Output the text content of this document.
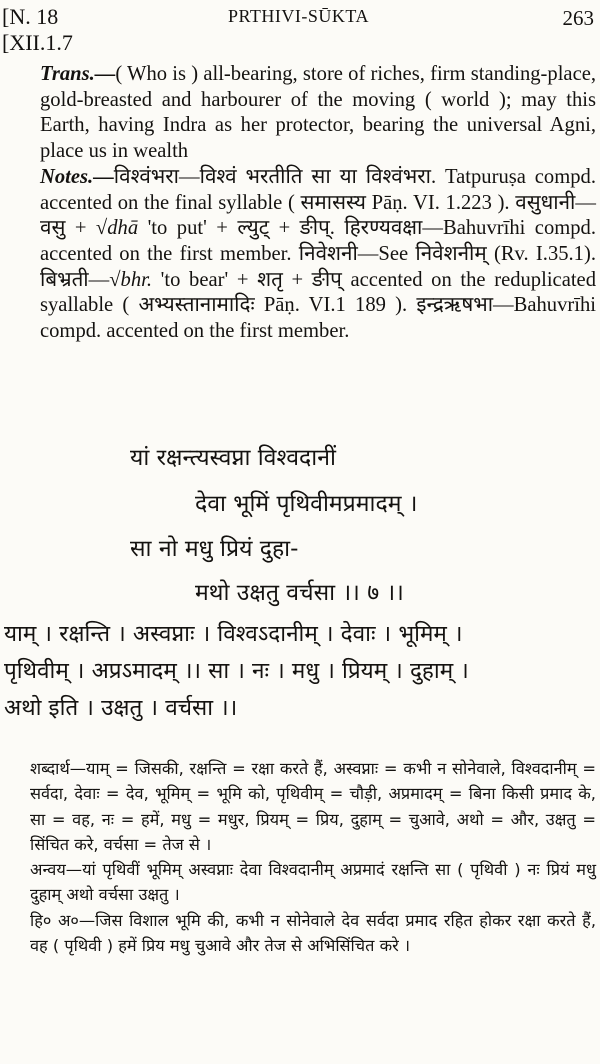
[N. 18
[XII.1.7
PRTHIVI-SŪKTA	263

Trans.—( Who is ) all-bearing, store of riches, firm standing-place, gold-breasted and harbourer of the moving ( world ); may this Earth, having Indra as her protector, bearing the universal Agni, place us in wealth

Notes.—विश्वंभरा—विश्वं भरतीति सा या विश्वंभरा. Tatpuruṣa compd. accented on the final syllable ( समासस्य Pāṇ. VI. 1.223 ). वसुधानी—वसु + √dhā 'to put' + ल्युट् + ङीप्. हिरण्यवक्षा—Bahuvrīhi compd. accented on the first member. निवेशनी—See निवेशनीम् (Rv. I.35.1). बिभ्रती—√bhr. 'to bear' + शतृ + ङीप् accented on the reduplicated syallable ( अभ्यस्तानामादिः Pāṇ. VI.1 189 ). इन्द्रऋषभा—Bahuvrīhi compd. accented on the first member.

यां रक्षन्त्यस्वप्ना विश्वदानीं
देवा भूमिं पृथिवीमप्रमादम् ।
सा नो मधु प्रियं दुहा-
मथो उक्षतु वर्चसा ।। ७ ।।
याम् । रक्षन्ति । अस्वप्नाः । विश्वऽदानीम् । देवाः । भूमिम् ।
पृथिवीम् । अप्रऽमादम् ।। सा । नः । मधु । प्रियम् । दुहाम् ।
अथो इति । उक्षतु । वर्चसा ।।

शब्दार्थ—याम् = जिसकी, रक्षन्ति = रक्षा करते हैं, अस्वप्नाः = कभी न सोनेवाले, विश्वदानीम् = सर्वदा, देवाः = देव, भूमिम् = भूमि को, पृथिवीम् = चौड़ी, अप्रमादम् = बिना किसी प्रमाद के, सा = वह, नः = हमें, मधु = मधुर, प्रियम् = प्रिय, दुहाम् = चुआवे, अथो = और, उक्षतु = सिंचित करे, वर्चसा = तेज से ।

अन्वय—यां पृथिवीं भूमिम् अस्वप्नाः देवा विश्वदानीम् अप्रमादं रक्षन्ति सा ( पृथिवी ) नः प्रियं मधु दुहाम् अथो वर्चसा उक्षतु ।

हि० अ०—जिस विशाल भूमि की, कभी न सोनेवाले देव सर्वदा प्रमाद रहित होकर रक्षा करते हैं, वह ( पृथिवी ) हमें प्रिय मधु चुआवे और तेज से अभिसिंचित करे ।
